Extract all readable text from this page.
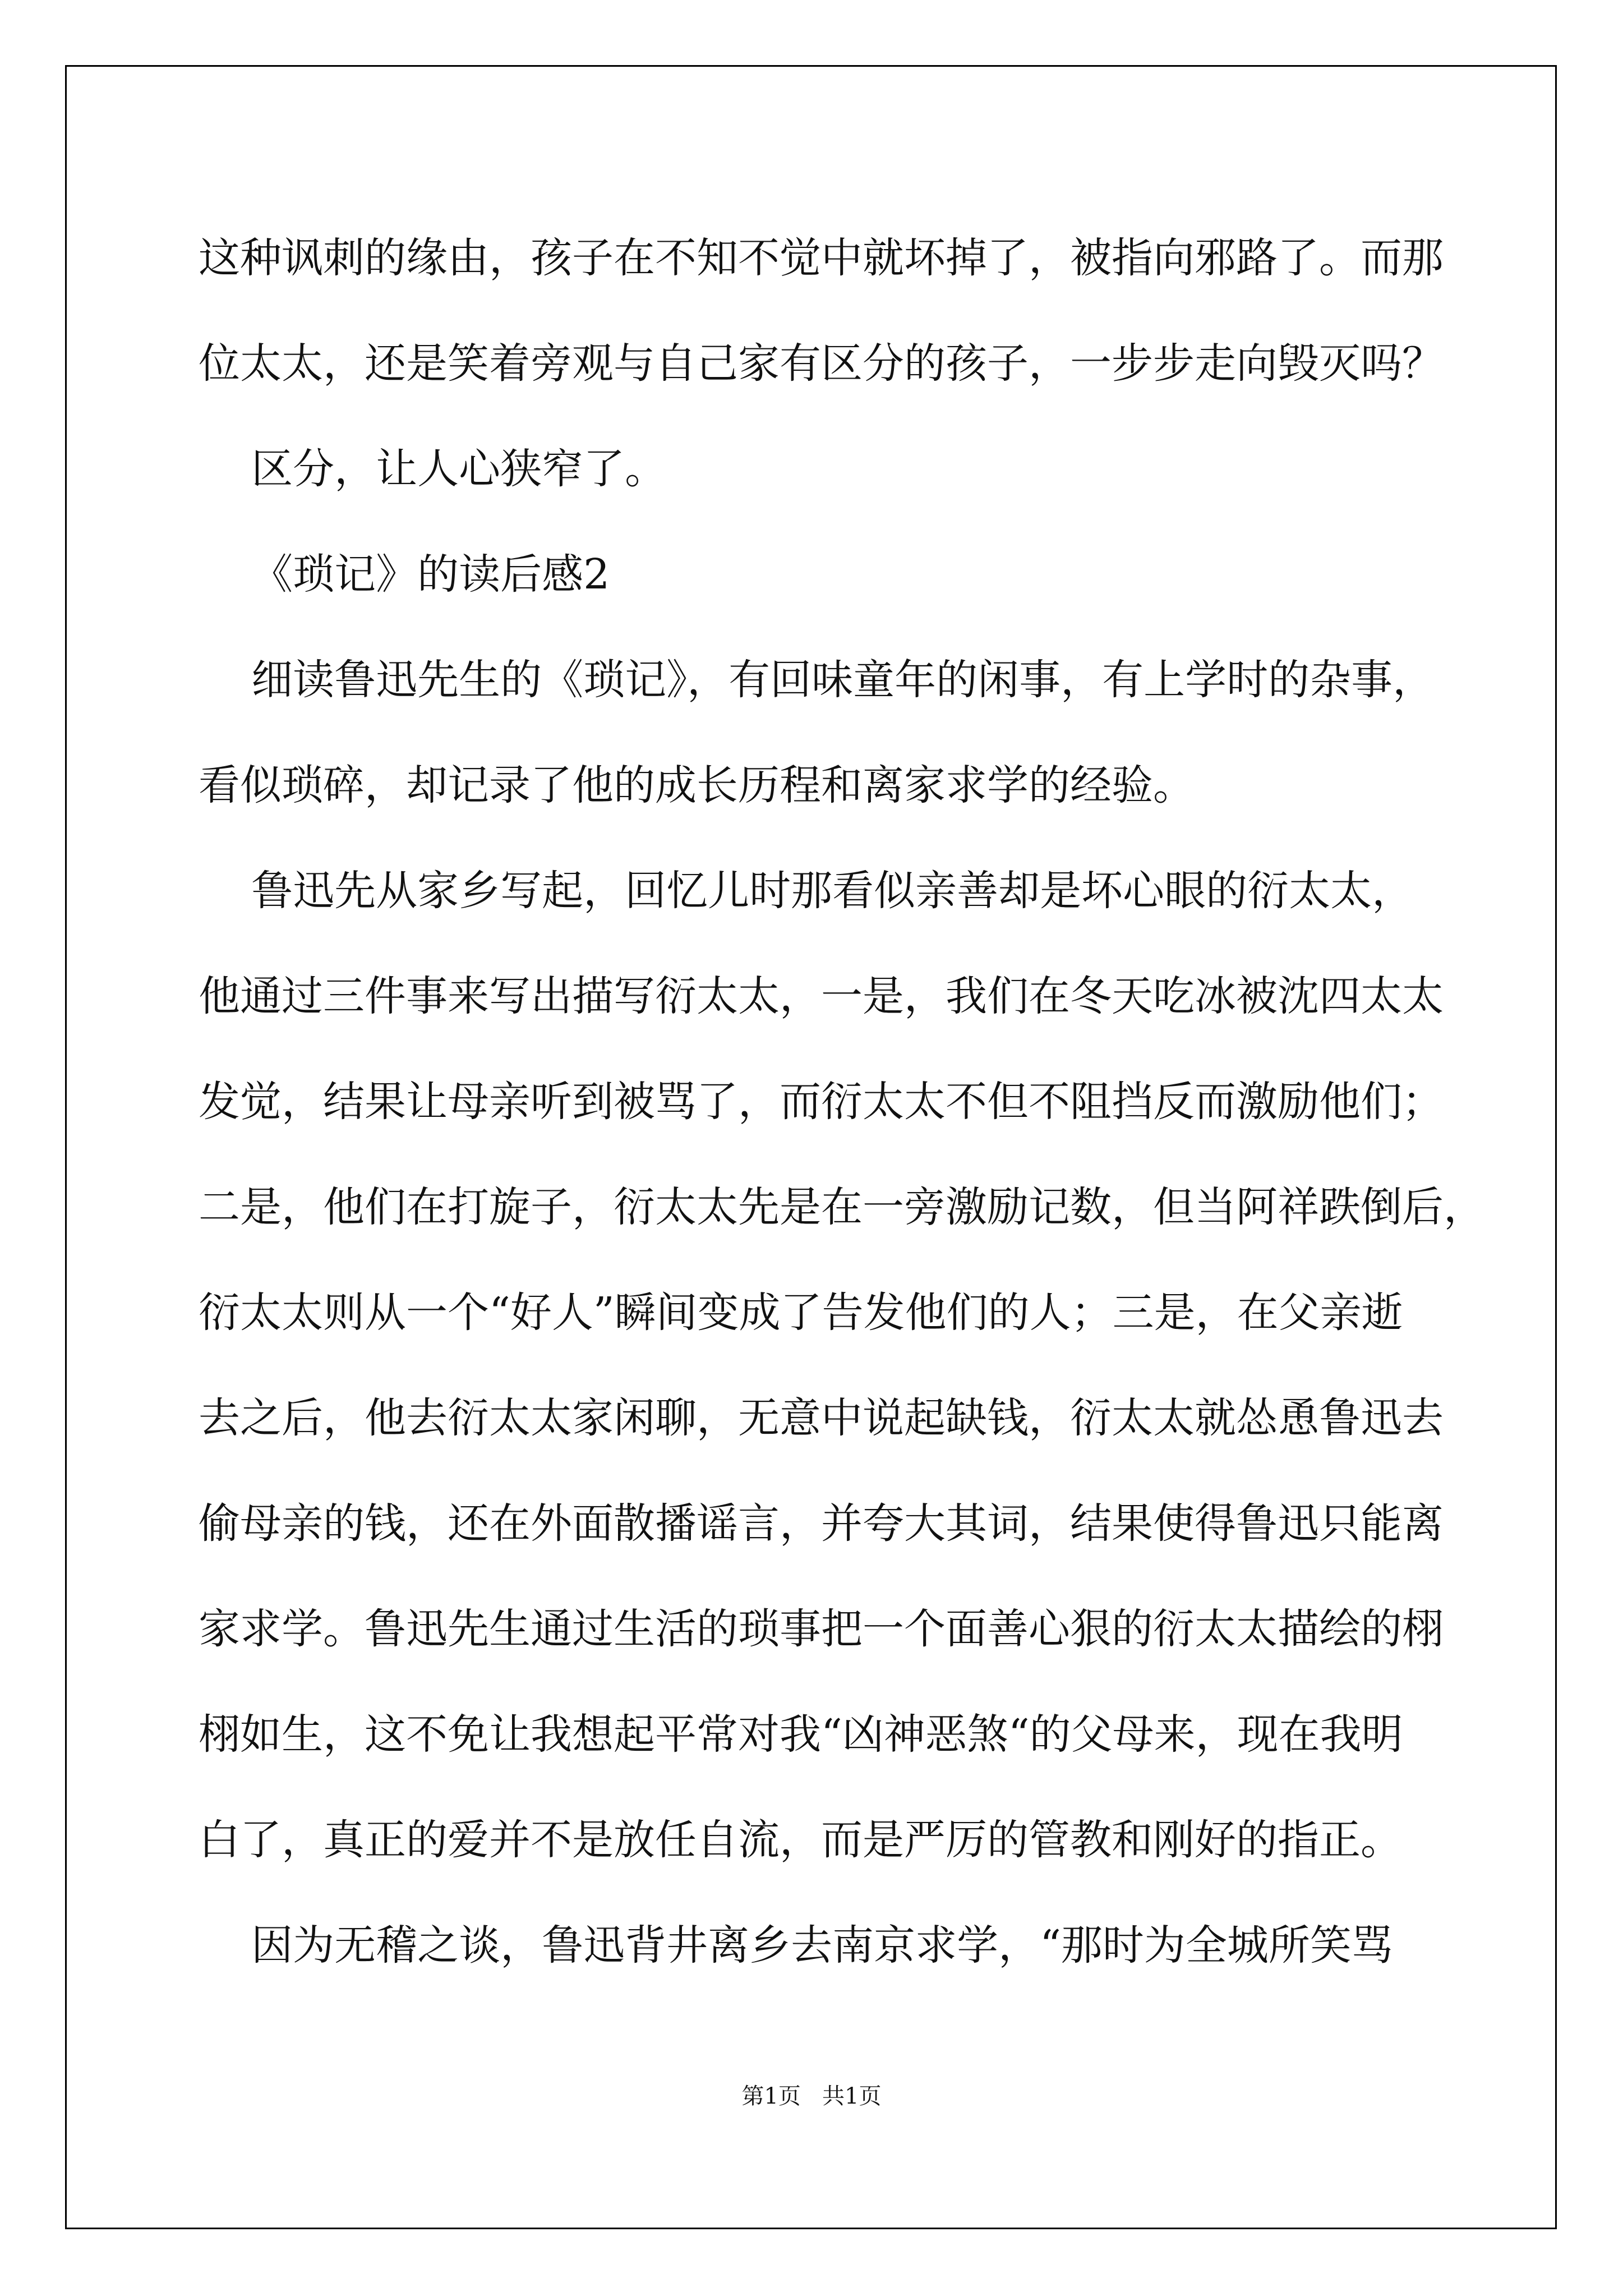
这种讽刺的缘由，孩子在不知不觉中就坏掉了，被指向邪路了。而那

位太太，还是笑着旁观与自己家有区分的孩子，一步步走向毁灭吗？

区分，让人心狭窄了。

《琐记》的读后感2

细读鲁迅先生的《琐记》，有回味童年的闲事，有上学时的杂事，

看似琐碎，却记录了他的成长历程和离家求学的经验。

鲁迅先从家乡写起，回忆儿时那看似亲善却是坏心眼的衍太太，

他通过三件事来写出描写衍太太，一是，我们在冬天吃冰被沈四太太

发觉，结果让母亲听到被骂了，而衍太太不但不阻挡反而激励他们；

二是，他们在打旋子，衍太太先是在一旁激励记数，但当阿祥跌倒后，

衍太太则从一个“好人”瞬间变成了告发他们的人；三是，在父亲逝

去之后，他去衍太太家闲聊，无意中说起缺钱，衍太太就怂恿鲁迅去

偷母亲的钱，还在外面散播谣言，并夸大其词，结果使得鲁迅只能离

家求学。鲁迅先生通过生活的琐事把一个面善心狠的衍太太描绘的栩

栩如生，这不免让我想起平常对我“凶神恶煞“的父母来，现在我明

白了，真正的爱并不是放任自流，而是严厉的管教和刚好的指正。

因为无稽之谈，鲁迅背井离乡去南京求学，“那时为全城所笑骂

第1页   共1页
